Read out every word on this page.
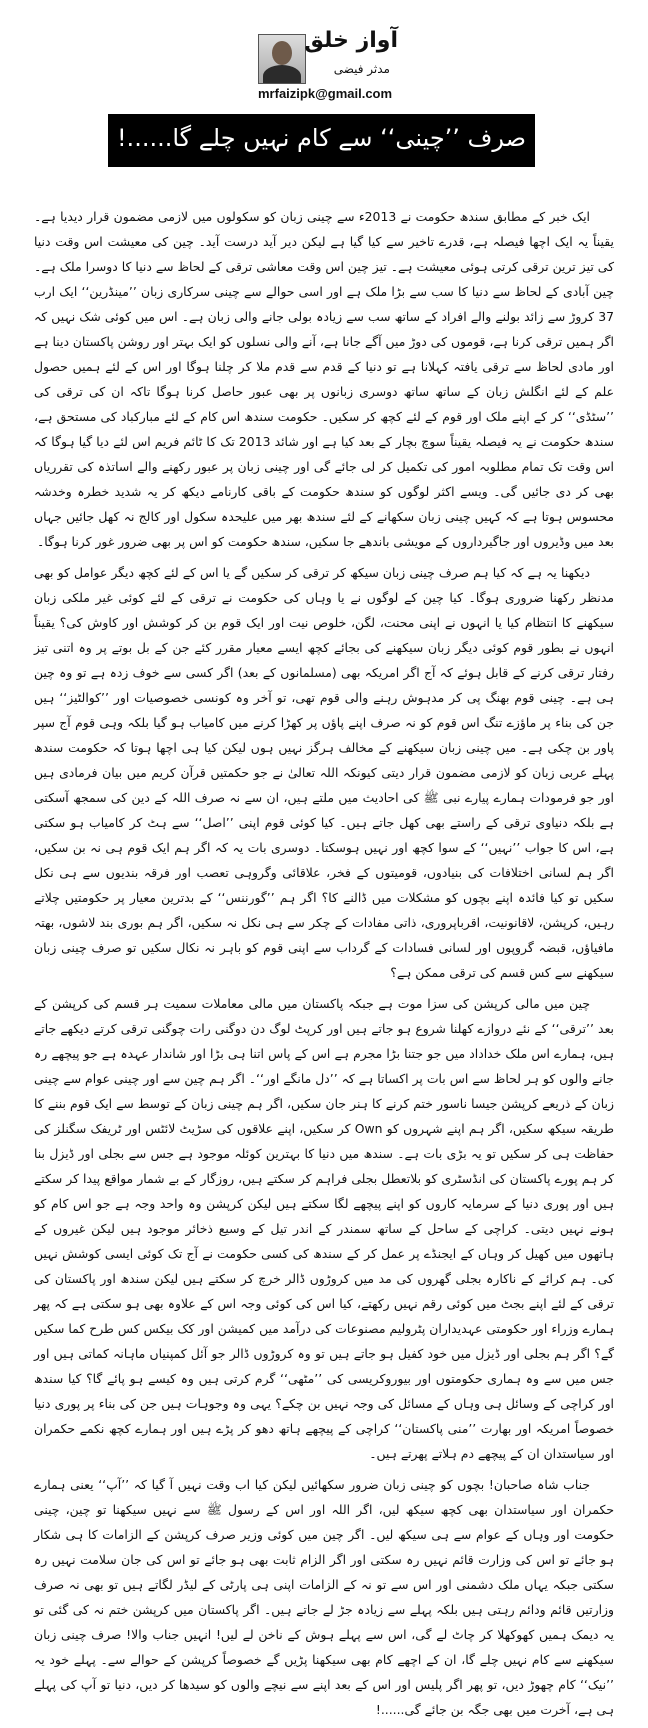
آواز خلق
مدثر فیضی
mrfaizipk@gmail.com
صرف ’’چینی‘‘ سے کام نہیں چلے گا......!

ایک خبر کے مطابق سندھ حکومت نے 2013ء سے چینی زبان کو سکولوں میں لازمی مضمون قرار دیدیا ہے۔ یقیناً یہ ایک اچھا فیصلہ ہے، قدرے تاخیر سے کیا گیا ہے لیکن دیر آید درست آید۔ چین کی معیشت اس وقت دنیا کی تیز ترین ترقی کرتی ہوئی معیشت ہے۔ تیز چین اس وقت معاشی ترقی کے لحاظ سے دنیا کا دوسرا ملک ہے۔ چین آبادی کے لحاظ سے دنیا کا سب سے بڑا ملک ہے اور اسی حوالے سے چینی سرکاری زبان ’’مینڈرین‘‘ ایک ارب 37 کروڑ سے زائد بولنے والے افراد کے ساتھ سب سے زیادہ بولی جانے والی زبان ہے۔ اس میں کوئی شک نہیں کہ اگر ہمیں ترقی کرنا ہے، قوموں کی دوڑ میں آگے جانا ہے، آنے والی نسلوں کو ایک بہتر اور روشن پاکستان دینا ہے اور مادی لحاظ سے ترقی یافتہ کہلانا ہے تو دنیا کے قدم سے قدم ملا کر چلنا ہوگا اور اس کے لئے ہمیں حصول علم کے لئے انگلش زبان کے ساتھ ساتھ دوسری زبانوں پر بھی عبور حاصل کرنا ہوگا تاکہ ان کی ترقی کی ’’سٹڈی‘‘ کر کے اپنے ملک اور قوم کے لئے کچھ کر سکیں۔ حکومت سندھ اس کام کے لئے مبارکباد کی مستحق ہے، سندھ حکومت نے یہ فیصلہ یقیناً سوچ بچار کے بعد کیا ہے اور شائد 2013 تک کا ٹائم فریم اس لئے دیا گیا ہوگا کہ اس وقت تک تمام مطلوبہ امور کی تکمیل کر لی جائے گی اور چینی زبان پر عبور رکھنے والے اساتذہ کی تقرریاں بھی کر دی جائیں گی۔ ویسے اکثر لوگوں کو سندھ حکومت کے باقی کارنامے دیکھ کر یہ شدید خطرہ وخدشہ محسوس ہوتا ہے کہ کہیں چینی زبان سکھانے کے لئے سندھ بھر میں علیحدہ سکول اور کالج نہ کھل جائیں جہاں بعد میں وڈیروں اور جاگیرداروں کے مویشی باندھے جا سکیں، سندھ حکومت کو اس پر بھی ضرور غور کرنا ہوگا۔

دیکھنا یہ ہے کہ کیا ہم صرف چینی زبان سیکھ کر ترقی کر سکیں گے یا اس کے لئے کچھ دیگر عوامل کو بھی مدنظر رکھنا ضروری ہوگا۔ کیا چین کے لوگوں نے یا وہاں کی حکومت نے ترقی کے لئے کوئی غیر ملکی زبان سیکھنے کا انتظام کیا یا انہوں نے اپنی محنت، لگن، خلوص نیت اور ایک قوم بن کر کوشش اور کاوش کی؟ یقیناً انہوں نے بطور قوم کوئی دیگر زبان سیکھنے کی بجائے کچھ ایسے معیار مقرر کئے جن کے بل بوتے پر وہ اتنی تیز رفتار ترقی کرنے کے قابل ہوئے کہ آج اگر امریکہ بھی (مسلمانوں کے بعد) اگر کسی سے خوف زدہ ہے تو وہ چین ہی ہے۔ چینی قوم بھنگ پی کر مدہوش رہنے والی قوم تھی، تو آخر وہ کونسی خصوصیات اور ’’کوالٹیز‘‘ ہیں جن کی بناء پر ماؤزے تنگ اس قوم کو نہ صرف اپنے پاؤں پر کھڑا کرنے میں کامیاب ہو گیا بلکہ وہی قوم آج سپر پاور بن چکی ہے۔ میں چینی زبان سیکھنے کے مخالف ہرگز نہیں ہوں لیکن کیا ہی اچھا ہوتا کہ حکومت سندھ پہلے عربی زبان کو لازمی مضمون قرار دیتی کیونکہ اللہ تعالیٰ نے جو حکمتیں قرآن کریم میں بیان فرمادی ہیں اور جو فرمودات ہمارے پیارے نبی ﷺ کی احادیث میں ملتے ہیں، ان سے نہ صرف اللہ کے دین کی سمجھ آسکتی ہے بلکہ دنیاوی ترقی کے راستے بھی کھل جاتے ہیں۔ کیا کوئی قوم اپنی ’’اصل‘‘ سے ہٹ کر کامیاب ہو سکتی ہے، اس کا جواب ’’نہیں‘‘ کے سوا کچھ اور نہیں ہوسکتا۔ دوسری بات یہ کہ اگر ہم ایک قوم ہی نہ بن سکیں، اگر ہم لسانی اختلافات کی بنیادوں، قومیتوں کے فخر، علاقائی وگروہی تعصب اور فرقہ بندیوں سے ہی نکل سکیں تو کیا فائدہ اپنے بچوں کو مشکلات میں ڈالنے کا؟ اگر ہم ’’گورننس‘‘ کے بدترین معیار پر حکومتیں چلاتے رہیں، کرپشن، لاقانونیت، اقرباپروری، ذاتی مفادات کے چکر سے ہی نکل نہ سکیں، اگر ہم بوری بند لاشوں، بھتہ مافیاؤں، قبضہ گروپوں اور لسانی فسادات کے گرداب سے اپنی قوم کو باہر نہ نکال سکیں تو صرف چینی زبان سیکھنے سے کس قسم کی ترقی ممکن ہے؟

چین میں مالی کرپشن کی سزا موت ہے جبکہ پاکستان میں مالی معاملات سمیت ہر قسم کی کرپشن کے بعد ’’ترقی‘‘ کے نئے دروازے کھلنا شروع ہو جاتے ہیں اور کرپٹ لوگ دن دوگنی رات چوگنی ترقی کرتے دیکھے جاتے ہیں، ہمارے اس ملک خداداد میں جو جتنا بڑا مجرم ہے اس کے پاس اتنا ہی بڑا اور شاندار عہدہ ہے جو پیچھے رہ جانے والوں کو ہر لحاظ سے اس بات پر اکساتا ہے کہ ’’دل مانگے اور‘‘۔ اگر ہم چین سے اور چینی عوام سے چینی زبان کے ذریعے کرپشن جیسا ناسور ختم کرنے کا ہنر جان سکیں، اگر ہم چینی زبان کے توسط سے ایک قوم بننے کا طریقہ سیکھ سکیں، اگر ہم اپنے شہروں کو Own کر سکیں، اپنے علاقوں کی سڑیٹ لائٹس اور ٹریفک سگنلز کی حفاظت ہی کر سکیں تو یہ بڑی بات ہے۔ سندھ میں دنیا کا بہترین کوئلہ موجود ہے جس سے بجلی اور ڈیزل بنا کر ہم پورے پاکستان کی انڈسٹری کو بلاتعطل بجلی فراہم کر سکتے ہیں، روزگار کے بے شمار مواقع پیدا کر سکتے ہیں اور پوری دنیا کے سرمایہ کاروں کو اپنے پیچھے لگا سکتے ہیں لیکن کرپشن وہ واحد وجہ ہے جو اس کام کو ہونے نہیں دیتی۔ کراچی کے ساحل کے ساتھ سمندر کے اندر تیل کے وسیع ذخائر موجود ہیں لیکن غیروں کے ہاتھوں میں کھیل کر وہاں کے ایجنڈے پر عمل کر کے سندھ کی کسی حکومت نے آج تک کوئی ایسی کوشش نہیں کی۔ ہم کرائے کے ناکارہ بجلی گھروں کی مد میں کروڑوں ڈالر خرچ کر سکتے ہیں لیکن سندھ اور پاکستان کی ترقی کے لئے اپنے بجٹ میں کوئی رقم نہیں رکھتے، کیا اس کی کوئی وجہ اس کے علاوہ بھی ہو سکتی ہے کہ پھر ہمارے وزراء اور حکومتی عہدیداران پٹرولیم مصنوعات کی درآمد میں کمیشن اور کک بیکس کس طرح کما سکیں گے؟ اگر ہم بجلی اور ڈیزل میں خود کفیل ہو جاتے ہیں تو وہ کروڑوں ڈالر جو آئل کمپنیاں ماہانہ کماتی ہیں اور جس میں سے وہ ہماری حکومتوں اور بیوروکریسی کی ’’مٹھی‘‘ گرم کرتی ہیں وہ کیسے ہو پائے گا؟ کیا سندھ اور کراچی کے وسائل ہی وہاں کے مسائل کی وجہ نہیں بن چکے؟ یہی وہ وجوہات ہیں جن کی بناء پر پوری دنیا خصوصاً امریکہ اور بھارت ’’منی پاکستان‘‘ کراچی کے پیچھے ہاتھ دھو کر پڑے ہیں اور ہمارے کچھ نکمے حکمران اور سیاستدان ان کے پیچھے دم ہلاتے پھرتے ہیں۔

جناب شاہ صاحبان! بچوں کو چینی زبان ضرور سکھائیں لیکن کیا اب وقت نہیں آ گیا کہ ’’آپ‘‘ یعنی ہمارے حکمران اور سیاستدان بھی کچھ سیکھ لیں، اگر اللہ اور اس کے رسول ﷺ سے نہیں سیکھنا تو چین، چینی حکومت اور وہاں کے عوام سے ہی سیکھ لیں۔ اگر چین میں کوئی وزیر صرف کرپشن کے الزامات کا ہی شکار ہو جائے تو اس کی وزارت قائم نہیں رہ سکتی اور اگر الزام ثابت بھی ہو جائے تو اس کی جان سلامت نہیں رہ سکتی جبکہ یہاں ملک دشمنی اور اس سے تو نہ کے الزامات اپنی ہی پارٹی کے لیڈر لگاتے ہیں تو بھی نہ صرف وزارتیں قائم ودائم رہتی ہیں بلکہ پہلے سے زیادہ جڑ لے جاتے ہیں۔ اگر پاکستان میں کرپشن ختم نہ کی گئی تو یہ دیمک ہمیں کھوکھلا کر چاٹ لے گی، اس سے پہلے ہوش کے ناخن لے لیں! انہیں جناب والا! صرف چینی زبان سیکھنے سے کام نہیں چلے گا، ان کے اچھے کام بھی سیکھنا پڑیں گے خصوصاً کرپشن کے حوالے سے۔ پہلے خود یہ ’’نیک‘‘ کام چھوڑ دیں، تو پھر اگر پلیس اور اس کے بعد اپنے سے نیچے والوں کو سیدھا کر دیں، دنیا تو آپ کی پہلے ہی ہے، آخرت میں بھی جگہ بن جائے گی......!
